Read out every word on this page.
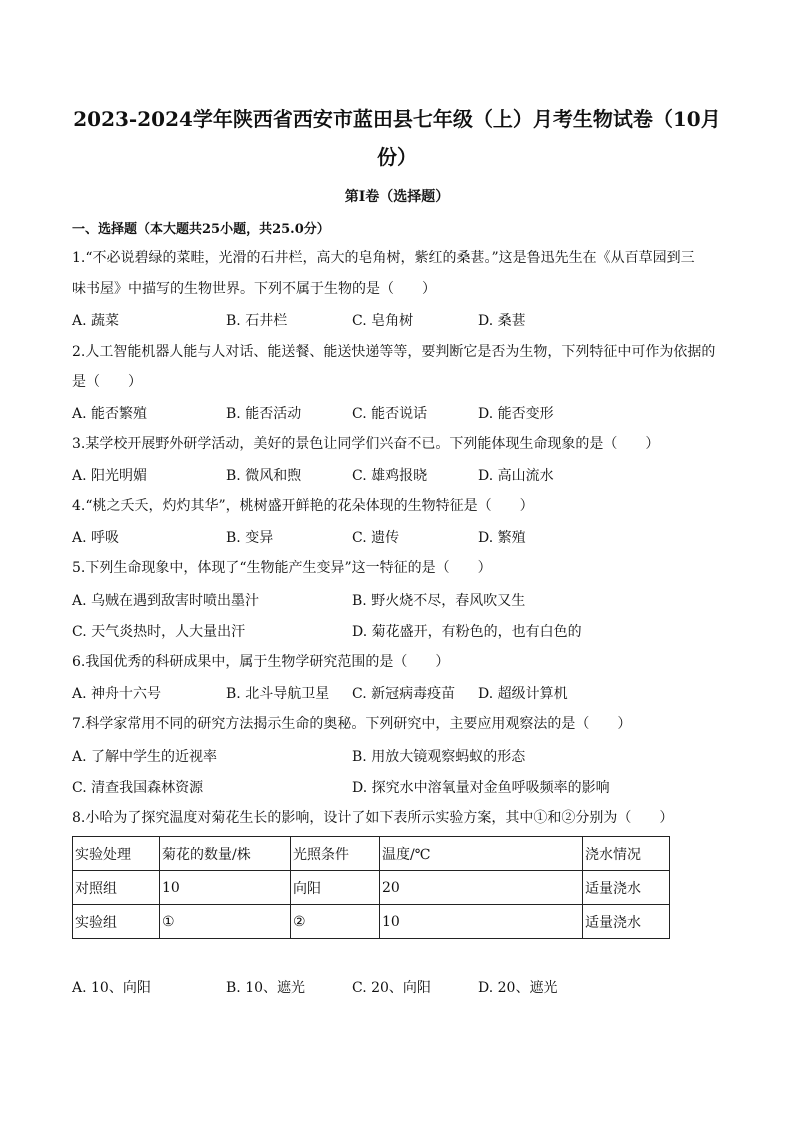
2023-2024学年陕西省西安市蓝田县七年级（上）月考生物试卷（10月份）
第I卷（选择题）
一、选择题（本大题共25小题，共25.0分）
1.“不必说碧绿的菜畦，光滑的石井栏，高大的皂角树，紫红的桑葚。”这是鲁迅先生在《从百草园到三
味书屋》中描写的生物世界。下列不属于生物的是（　　）
A. 蔬菜	B. 石井栏	C. 皂角树	D. 桑葚
2.人工智能机器人能与人对话、能送餐、能送快递等等，要判断它是否为生物，下列特征中可作为依据的
是（　　）
A. 能否繁殖	B. 能否活动	C. 能否说话	D. 能否变形
3.某学校开展野外研学活动，美好的景色让同学们兴奋不已。下列能体现生命现象的是（　　）
A. 阳光明媚	B. 微风和煦	C. 雄鸡报晓	D. 高山流水
4.“桃之夭夭，灼灼其华”，桃树盛开鲜艳的花朵体现的生物特征是（　　）
A. 呼吸	B. 变异	C. 遗传	D. 繁殖
5.下列生命现象中，体现了“生物能产生变异”这一特征的是（　　）
A. 乌贼在遇到敌害时喷出墨汁	B. 野火烧不尽，春风吹又生
C. 天气炎热时，人大量出汗	D. 菊花盛开，有粉色的，也有白色的
6.我国优秀的科研成果中，属于生物学研究范围的是（　　）
A. 神舟十六号	B. 北斗导航卫星 C. 新冠病毒疫苗 D. 超级计算机
7.科学家常用不同的研究方法揭示生命的奥秘。下列研究中，主要应用观察法的是（　　）
A. 了解中学生的近视率	B. 用放大镜观察蚂蚁的形态
C. 清查我国森林资源	D. 探究水中溶氧量对金鱼呼吸频率的影响
8.小哈为了探究温度对菊花生长的影响，设计了如下表所示实验方案，其中①和②分别为（　　）
实验处理	菊花的数量/株	光照条件	温度/℃	浇水情况
对照组	10	向阳	20	适量浇水
实验组	①	②	10	适量浇水
A. 10、向阳	B. 10、遮光	C. 20、向阳	D. 20、遮光
